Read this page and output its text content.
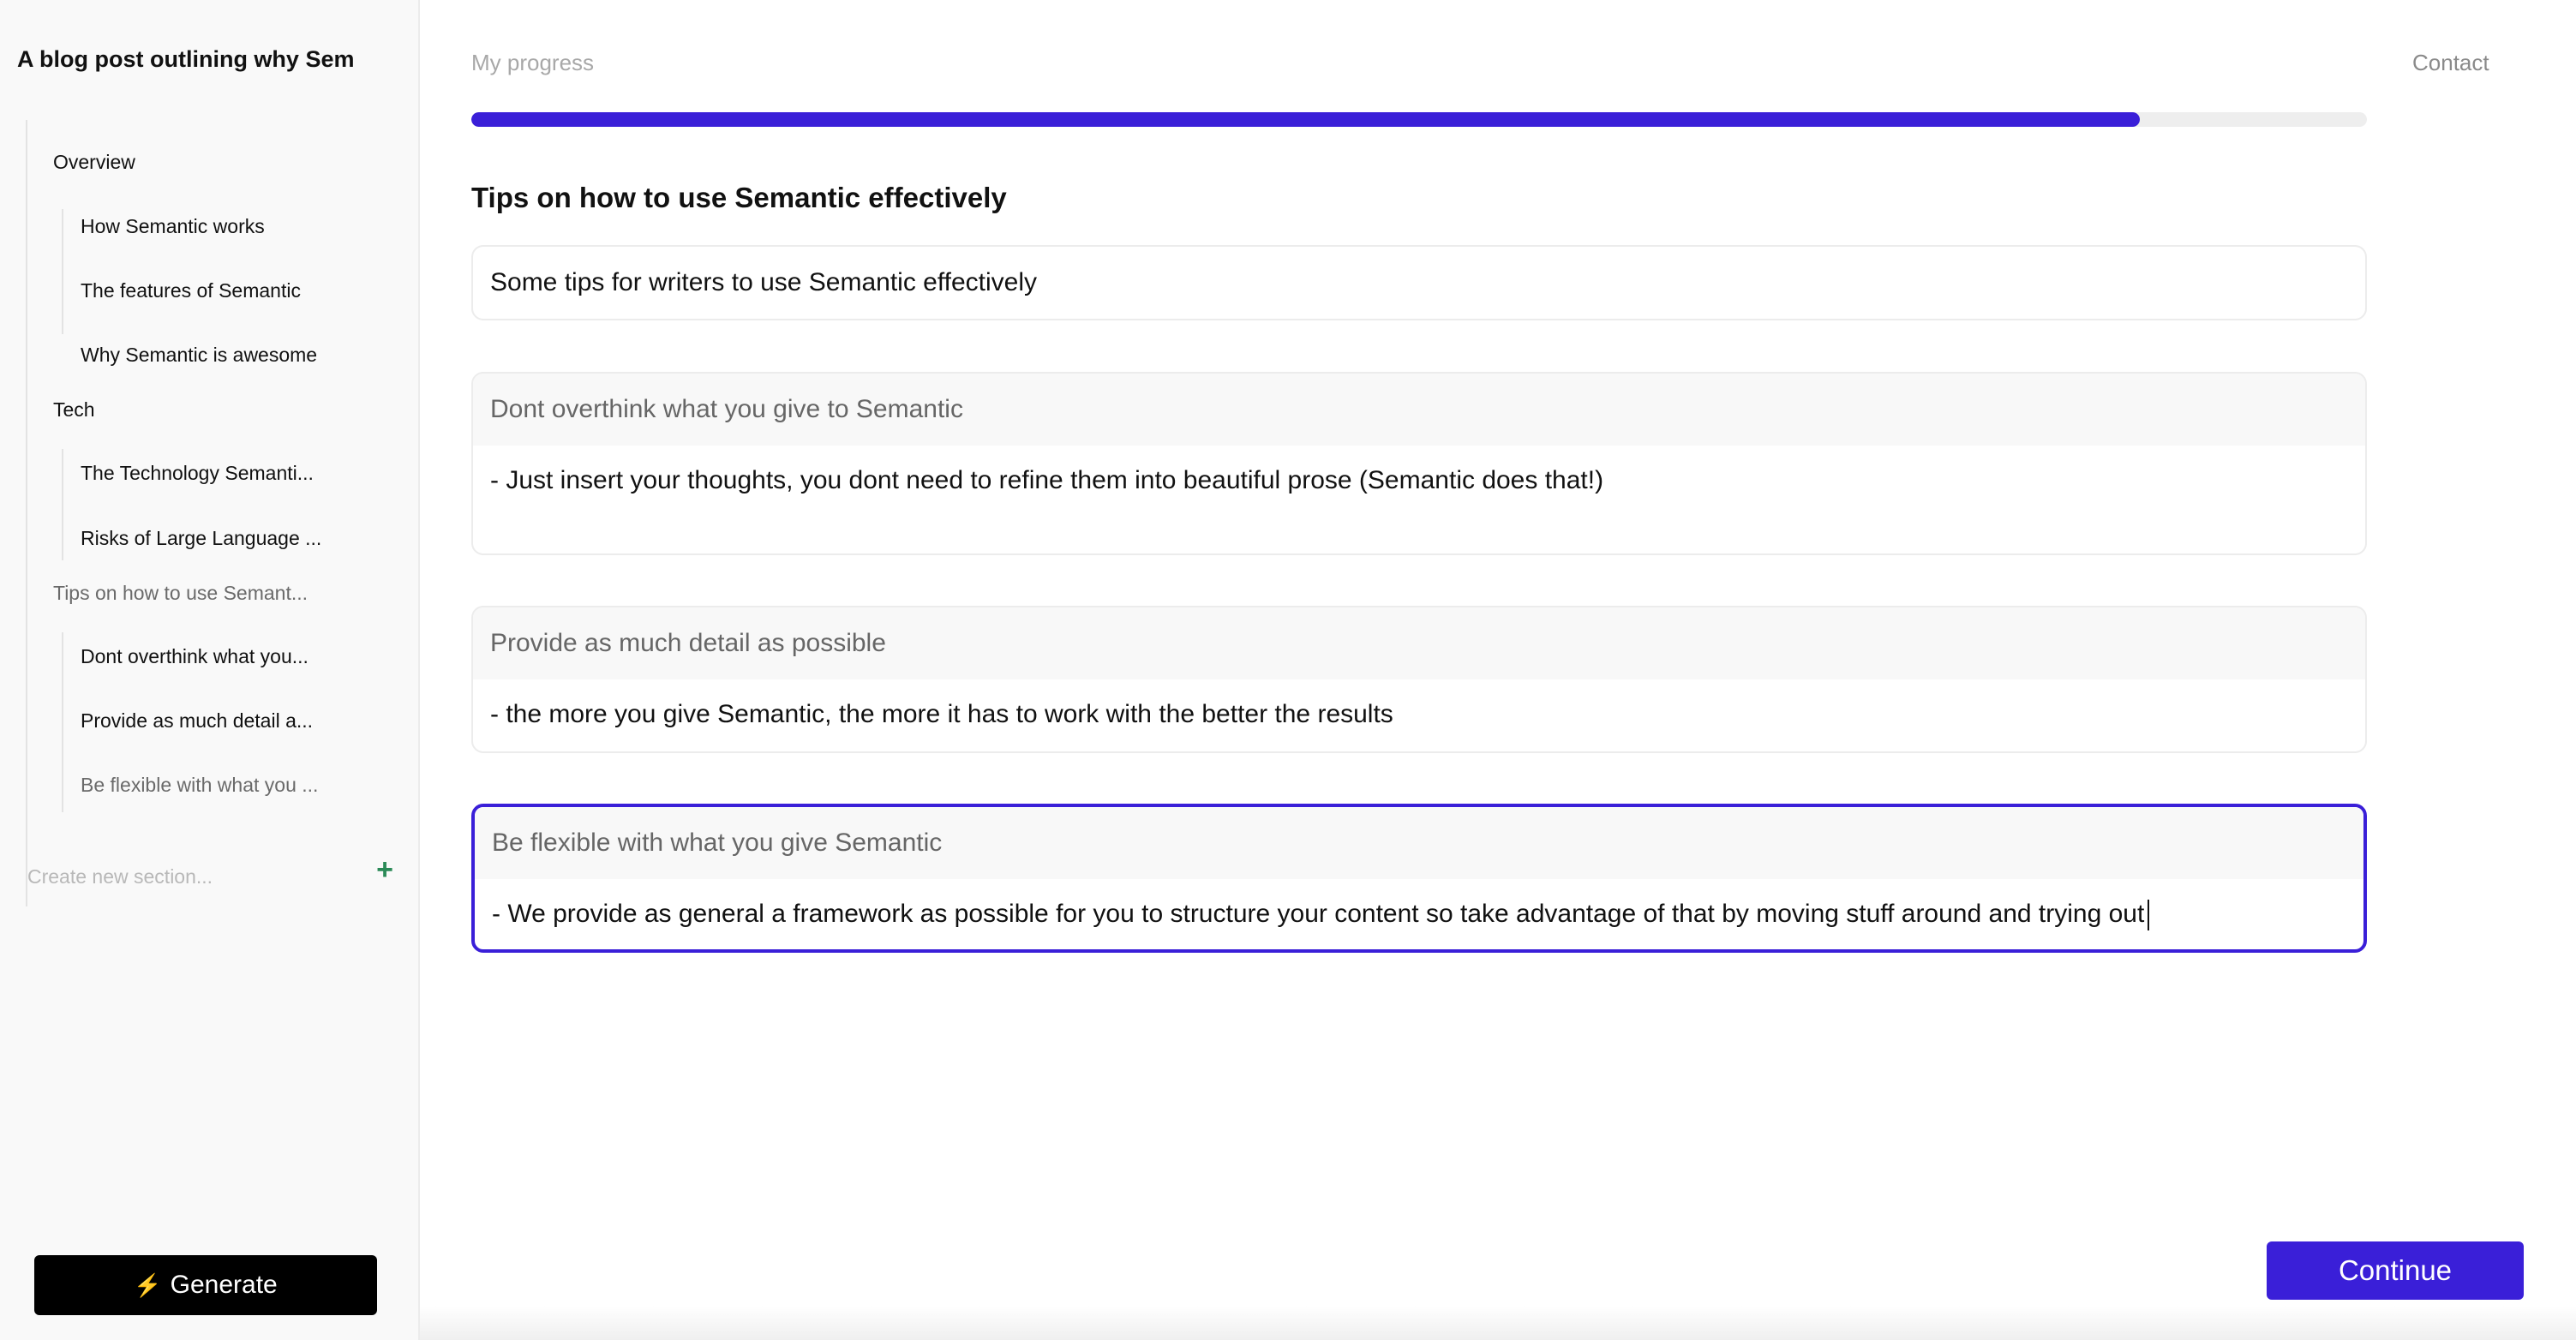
A blog post outlining why Sem
Overview
How Semantic works
The features of Semantic
Why Semantic is awesome
Tech
The Technology Semanti...
Risks of Large Language ...
Tips on how to use Semant...
Dont overthink what you...
Provide as much detail a...
Be flexible with what you ...
Create new section...
+
⚡ Generate
My progress	Contact
Tips on how to use Semantic effectively
Some tips for writers to use Semantic effectively
Dont overthink what you give to Semantic
- Just insert your thoughts, you dont need to refine them into beautiful prose (Semantic does that!)
Provide as much detail as possible
- the more you give Semantic, the more it has to work with the better the results
Be flexible with what you give Semantic
- We provide as general a framework as possible for you to structure your content so take advantage of that by moving stuff around and trying out
Continue
